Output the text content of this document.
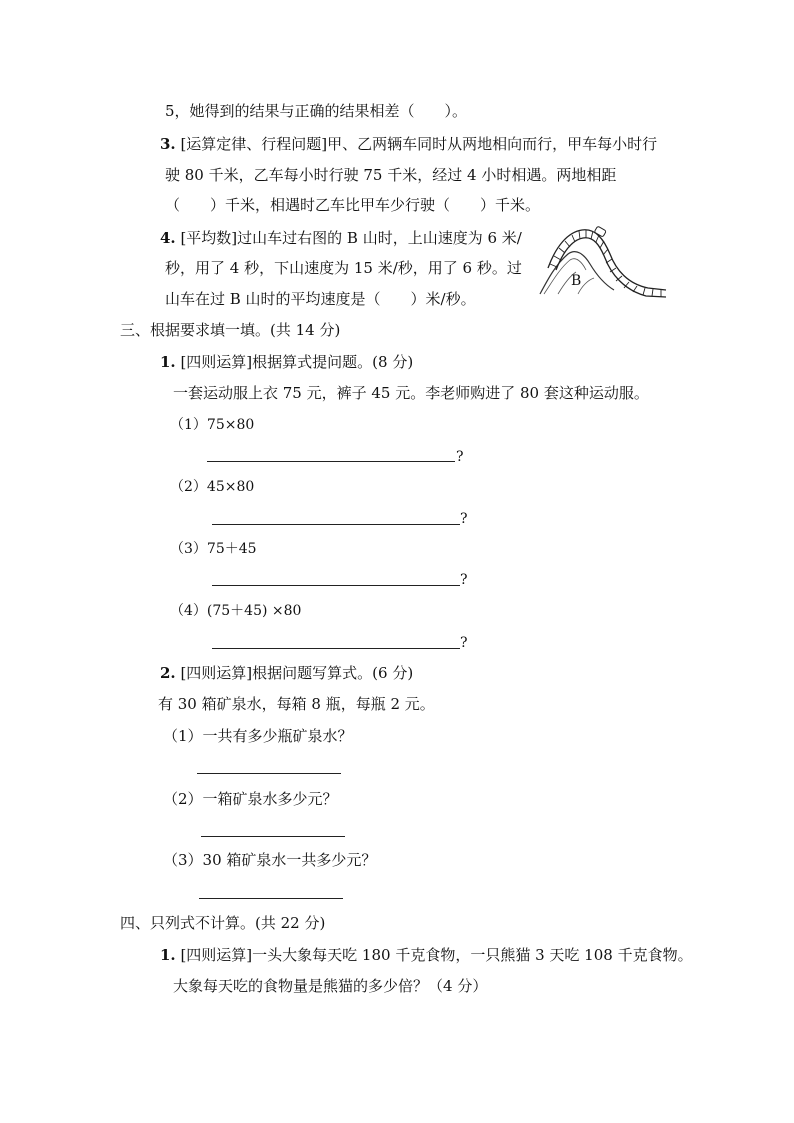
5，她得到的结果与正确的结果相差（　　）。
3. [运算定律、行程问题]甲、乙两辆车同时从两地相向而行，甲车每小时行
驶 80 千米，乙车每小时行驶 75 千米，经过 4 小时相遇。两地相距
（　　）千米，相遇时乙车比甲车少行驶（　　）千米。
4. [平均数]过山车过右图的 B 山时，上山速度为 6 米/
秒，用了 4 秒，下山速度为 15 米/秒，用了 6 秒。过
山车在过 B 山时的平均速度是（　　）米/秒。
B
三、根据要求填一填。(共 14 分)
1. [四则运算]根据算式提问题。(8 分)
一套运动服上衣 75 元，裤子 45 元。李老师购进了 80 套这种运动服。
（1）75×80
?
（2）45×80
?
（3）75＋45
?
（4）(75＋45) ×80
?
2. [四则运算]根据问题写算式。(6 分)
有 30 箱矿泉水，每箱 8 瓶，每瓶 2 元。
（1）一共有多少瓶矿泉水？
（2）一箱矿泉水多少元？
（3）30 箱矿泉水一共多少元？
四、只列式不计算。(共 22 分)
1. [四则运算]一头大象每天吃 180 千克食物，一只熊猫 3 天吃 108 千克食物。
大象每天吃的食物量是熊猫的多少倍？（4 分）
